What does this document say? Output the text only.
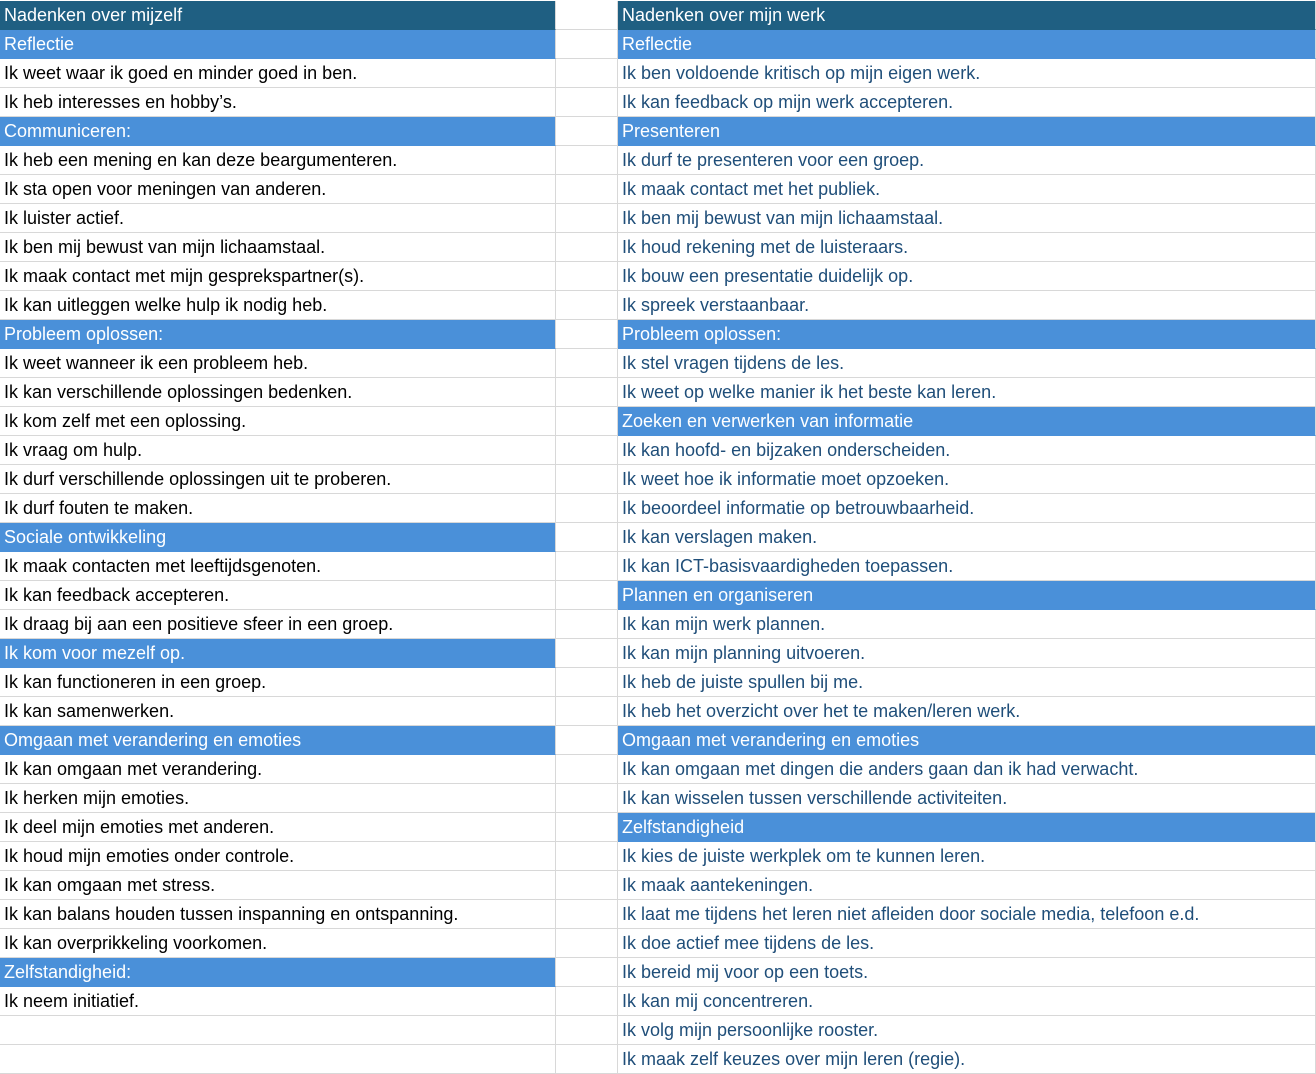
Nadenken over mijzelf
Reflectie
Ik weet waar ik goed en minder goed in ben.
Ik heb interesses en hobby’s.
Communiceren:
Ik heb een mening en kan deze beargumenteren.
Ik sta open voor meningen van anderen.
Ik luister actief.
Ik ben mij bewust van mijn lichaamstaal.
Ik maak contact met mijn gesprekspartner(s).
Ik kan uitleggen welke hulp ik nodig heb.
Probleem oplossen:
Ik weet wanneer ik een probleem heb.
Ik kan verschillende oplossingen bedenken.
Ik kom zelf met een oplossing.
Ik vraag om hulp.
Ik durf verschillende oplossingen uit te proberen.
Ik durf fouten te maken.
Sociale ontwikkeling
Ik maak contacten met leeftijdsgenoten.
Ik kan feedback accepteren.
Ik draag bij aan een positieve sfeer in een groep.
Ik kom voor mezelf op.
Ik kan functioneren in een groep.
Ik kan samenwerken.
Omgaan met verandering en emoties
Ik kan omgaan met verandering.
Ik herken mijn emoties.
Ik deel mijn emoties met anderen.
Ik houd mijn emoties onder controle.
Ik kan omgaan met stress.
Ik kan balans houden tussen inspanning en ontspanning.
Ik kan overprikkeling voorkomen.
Zelfstandigheid:
Ik neem initiatief.
Nadenken over mijn werk
Reflectie
Ik ben voldoende kritisch op mijn eigen werk.
Ik kan feedback op mijn werk accepteren.
Presenteren
Ik durf te presenteren voor een groep.
Ik maak contact met het publiek.
Ik ben mij bewust van mijn lichaamstaal.
Ik houd rekening met de luisteraars.
Ik bouw een presentatie duidelijk op.
Ik spreek verstaanbaar.
Probleem oplossen:
Ik stel vragen tijdens de les.
Ik weet op welke manier ik het beste kan leren.
Zoeken en verwerken van informatie
Ik kan hoofd- en bijzaken onderscheiden.
Ik weet hoe ik informatie moet opzoeken.
Ik beoordeel informatie op betrouwbaarheid.
Ik kan verslagen maken.
Ik kan ICT-basisvaardigheden toepassen.
Plannen en organiseren
Ik kan mijn werk plannen.
Ik kan mijn planning uitvoeren.
Ik heb de juiste spullen bij me.
Ik heb het overzicht over het te maken/leren werk.
Omgaan met verandering en emoties
Ik kan omgaan met dingen die anders gaan dan ik had verwacht.
Ik kan wisselen tussen verschillende activiteiten.
Zelfstandigheid
Ik kies de juiste werkplek om te kunnen leren.
Ik maak aantekeningen.
Ik laat me tijdens het leren niet afleiden door sociale media, telefoon e.d.
Ik doe actief mee tijdens de les.
Ik bereid mij voor op een toets.
Ik kan mij concentreren.
Ik volg mijn persoonlijke rooster.
Ik maak zelf keuzes over mijn leren (regie).
